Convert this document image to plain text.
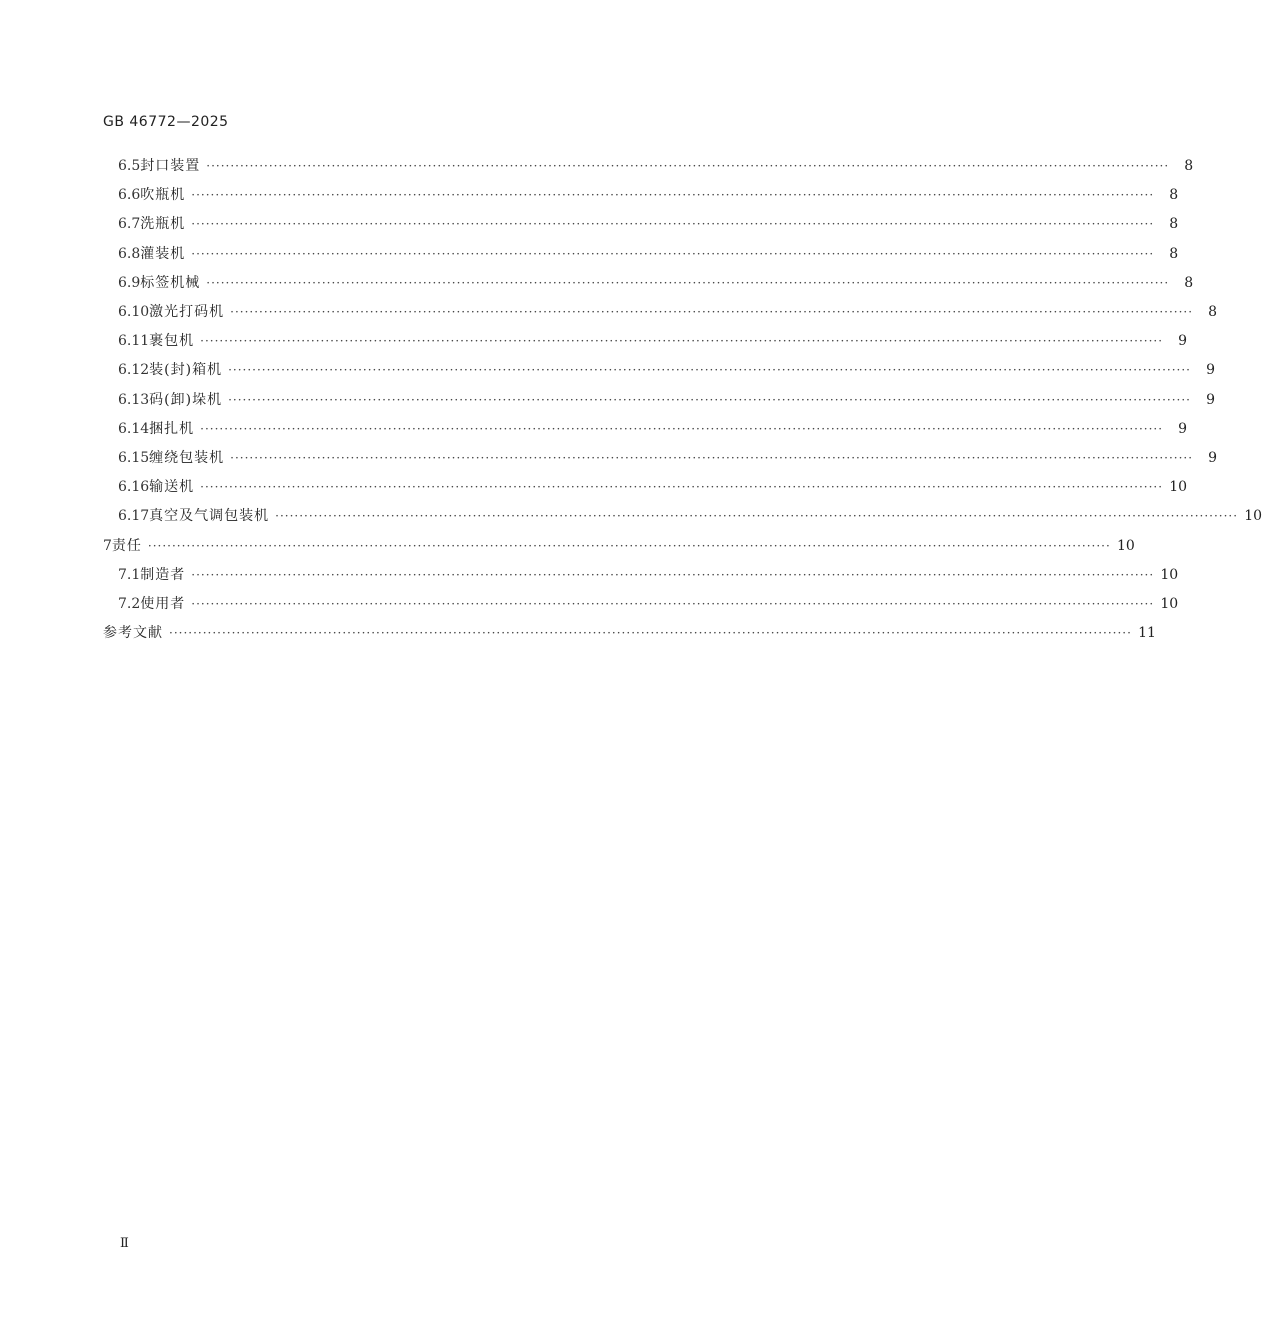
GB 46772—2025
6.5 封口装置 ········································································································································································································	8
6.6 吹瓶机 ········································································································································································································	8
6.7 洗瓶机 ········································································································································································································	8
6.8 灌装机 ········································································································································································································	8
6.9 标签机械 ········································································································································································································	8
6.10 激光打码机 ········································································································································································································	8
6.11 裹包机 ········································································································································································································	9
6.12 装(封)箱机 ········································································································································································································	9
6.13 码(卸)垛机 ········································································································································································································	9
6.14 捆扎机 ········································································································································································································	9
6.15 缠绕包装机 ········································································································································································································	9
6.16 输送机 ········································································································································································································ 10
6.17 真空及气调包装机 ········································································································································································································ 10
7 责任 ········································································································································································································ 10
7.1 制造者 ········································································································································································································ 10
7.2 使用者 ········································································································································································································ 10
参考文献 ········································································································································································································ 11
Ⅱ
